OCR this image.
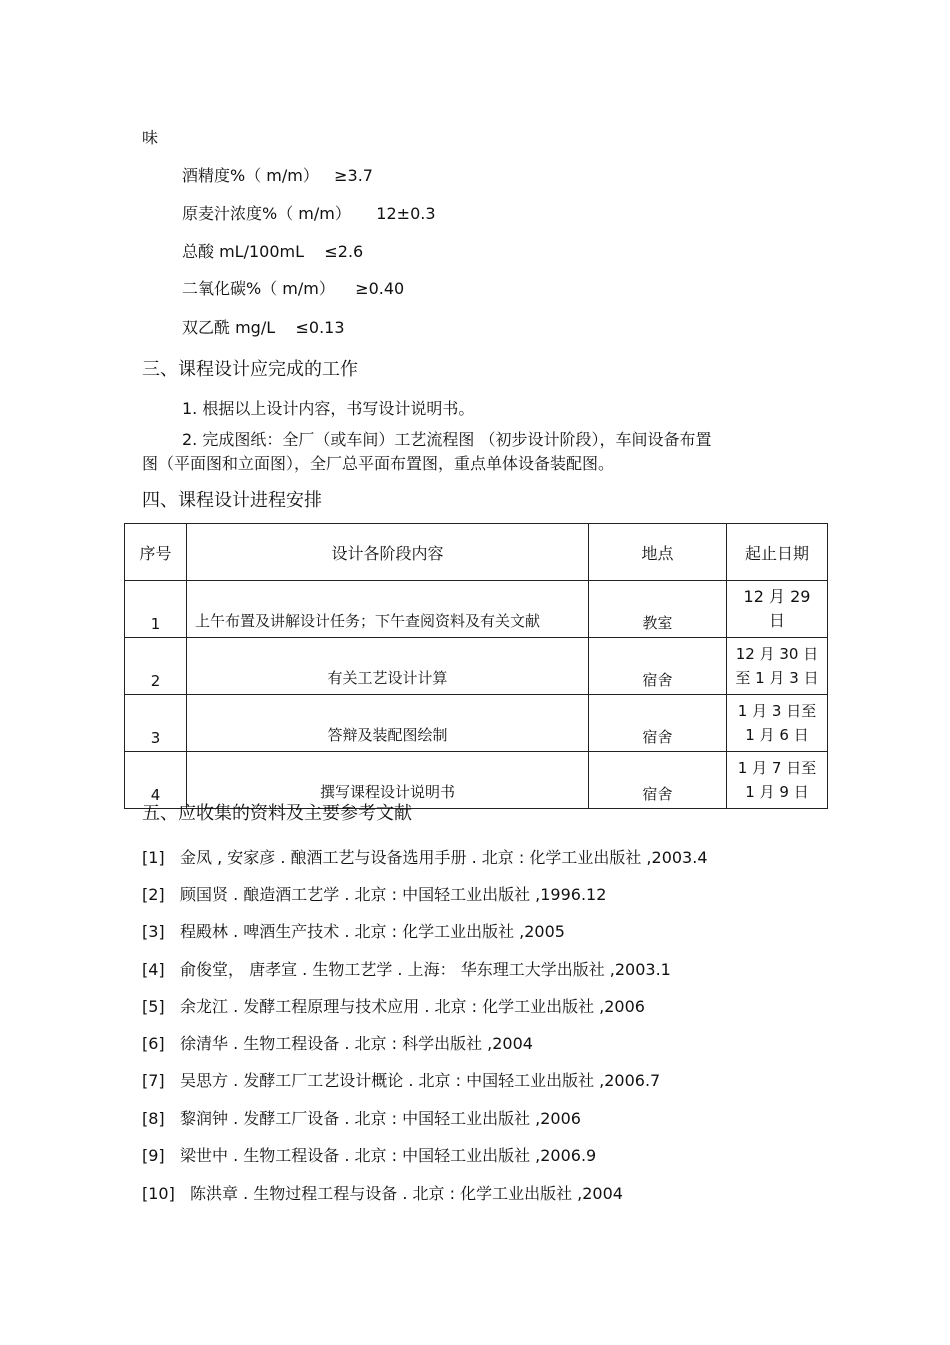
味
酒精度%（ m/m） ≥3.7
原麦汁浓度%（ m/m） 12±0.3
总酸 mL/100mL ≤2.6
二氧化碳%（ m/m） ≥0.40
双乙酰 mg/L ≤0.13
三、课程设计应完成的工作
1. 根据以上设计内容，书写设计说明书。
2. 完成图纸：全厂（或车间）工艺流程图 （初步设计阶段），车间设备布置
图（平面图和立面图），全厂总平面布置图，重点单体设备装配图。
四、课程设计进程安排
序号	设计各阶段内容	地点	起止日期
1	上午布置及讲解设计任务；下午查阅资料及有关文献	教室	12 月 29
日

2	有关工艺设计计算	宿舍	12 月 30 日
至 1 月 3 日

3	答辩及装配图绘制	宿舍	1 月 3 日至
1 月 6 日

4	撰写课程设计说明书	宿舍	1 月 7 日至
1 月 9 日
五、应收集的资料及主要参考文献
[1] 金凤 , 安家彦 . 酿酒工艺与设备选用手册 . 北京 : 化学工业出版社 ,2003.4
[2] 顾国贤 . 酿造酒工艺学 . 北京 : 中国轻工业出版社 ,1996.12
[3] 程殿林 . 啤酒生产技术 . 北京 : 化学工业出版社 ,2005
[4] 俞俊堂， 唐孝宣 . 生物工艺学 . 上海： 华东理工大学出版社 ,2003.1
[5] 余龙江 . 发酵工程原理与技术应用 . 北京 : 化学工业出版社 ,2006
[6] 徐清华 . 生物工程设备 . 北京 : 科学出版社 ,2004
[7] 吴思方 . 发酵工厂工艺设计概论 . 北京 : 中国轻工业出版社 ,2006.7
[8] 黎润钟 . 发酵工厂设备 . 北京 : 中国轻工业出版社 ,2006
[9] 梁世中 . 生物工程设备 . 北京 : 中国轻工业出版社 ,2006.9
[10] 陈洪章 . 生物过程工程与设备 . 北京 : 化学工业出版社 ,2004
